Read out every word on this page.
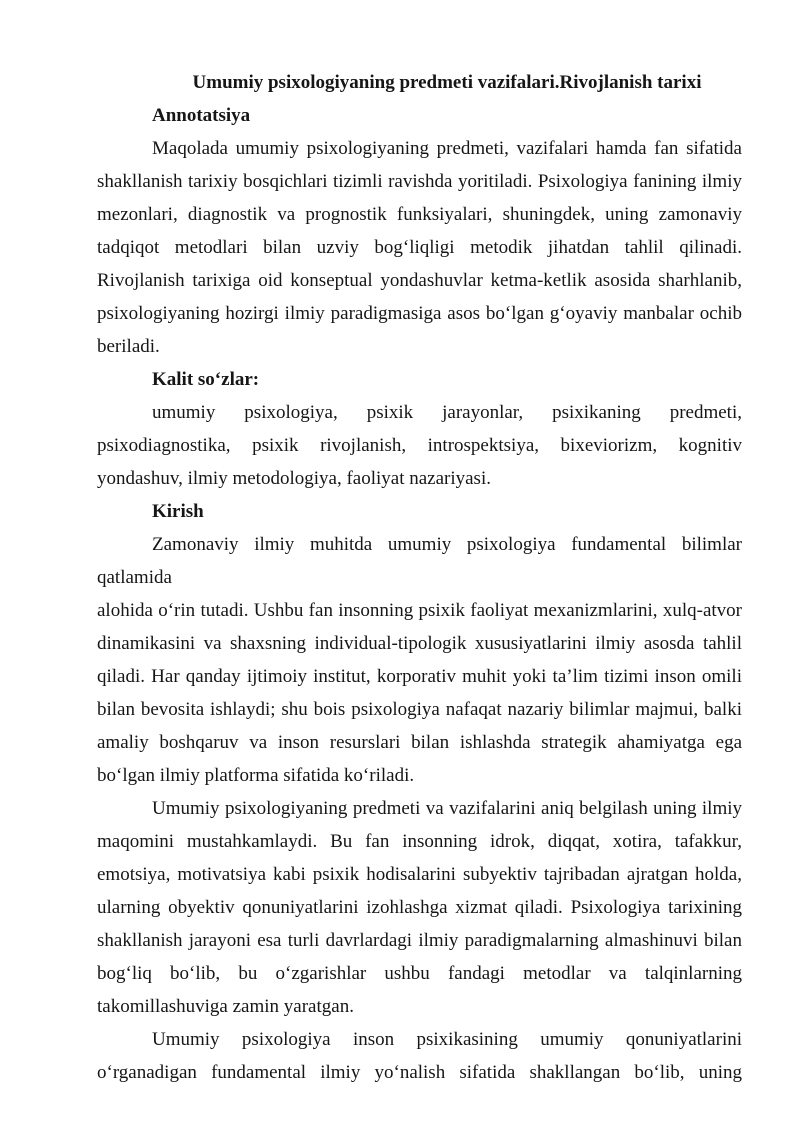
Umumiy psixologiyaning predmeti vazifalari.Rivojlanish tarixi
Annotatsiya
Maqolada umumiy psixologiyaning predmeti, vazifalari hamda fan sifatida
shakllanish tarixiy bosqichlari tizimli ravishda yoritiladi. Psixologiya fanining ilmiy
mezonlari, diagnostik va prognostik funksiyalari, shuningdek, uning zamonaviy
tadqiqot metodlari bilan uzviy bog‘liqligi metodik jihatdan tahlil qilinadi.
Rivojlanish tarixiga oid konseptual yondashuvlar ketma-ketlik asosida sharhlanib,
psixologiyaning hozirgi ilmiy paradigmasiga asos bo‘lgan g‘oyaviy manbalar ochib
beriladi.
Kalit so‘zlar:
umumiy psixologiya, psixik jarayonlar, psixikaning predmeti,
psixodiagnostika, psixik rivojlanish, introspektsiya, bixeviorizm, kognitiv
yondashuv, ilmiy metodologiya, faoliyat nazariyasi.
Kirish
Zamonaviy ilmiy muhitda umumiy psixologiya fundamental bilimlar qatlamida
alohida o‘rin tutadi. Ushbu fan insonning psixik faoliyat mexanizmlarini, xulq-atvor
dinamikasini va shaxsning individual-tipologik xususiyatlarini ilmiy asosda tahlil
qiladi. Har qanday ijtimoiy institut, korporativ muhit yoki ta’lim tizimi inson omili
bilan bevosita ishlaydi; shu bois psixologiya nafaqat nazariy bilimlar majmui, balki
amaliy boshqaruv va inson resurslari bilan ishlashda strategik ahamiyatga ega
bo‘lgan ilmiy platforma sifatida ko‘riladi.
Umumiy psixologiyaning predmeti va vazifalarini aniq belgilash uning ilmiy
maqomini mustahkamlaydi. Bu fan insonning idrok, diqqat, xotira, tafakkur,
emotsiya, motivatsiya kabi psixik hodisalarini subyektiv tajribadan ajratgan holda,
ularning obyektiv qonuniyatlarini izohlashga xizmat qiladi. Psixologiya tarixining
shakllanish jarayoni esa turli davrlardagi ilmiy paradigmalarning almashinuvi bilan
bog‘liq bo‘lib, bu o‘zgarishlar ushbu fandagi metodlar va talqinlarning
takomillashuviga zamin yaratgan.
Umumiy psixologiya inson psixikasining umumiy qonuniyatlarini
o‘rganadigan fundamental ilmiy yo‘nalish sifatida shakllangan bo‘lib, uning
